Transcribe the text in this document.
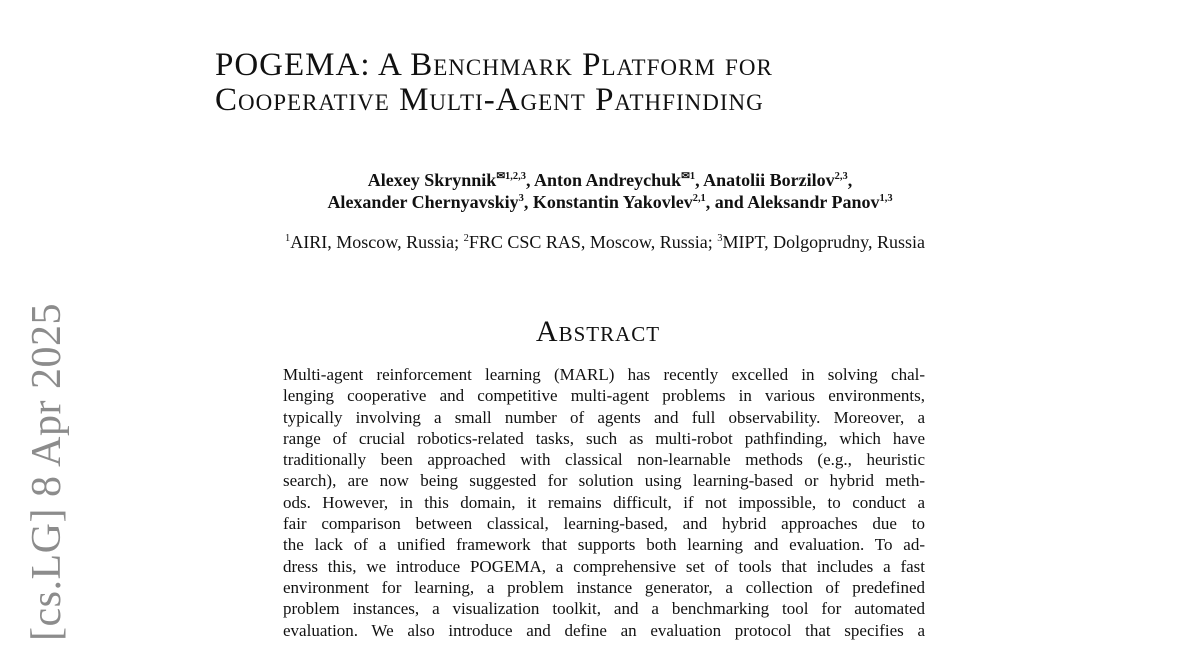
[cs.LG] 8 Apr 2025
POGEMA: A Benchmark Platform for
Cooperative Multi-Agent Pathfinding
Alexey Skrynnik$^{✉1,2,3}$, Anton Andreychuk$^{✉1}$, Anatolii Borzilov$^{2,3}$,
Alexander Chernyavskiy$^3$, Konstantin Yakovlev$^{2,1}$, and Aleksandr Panov$^{1,3}$
$^1$AIRI, Moscow, Russia; $^2$FRC CSC RAS, Moscow, Russia; $^3$MIPT, Dolgoprudny, Russia
Abstract
Multi-agent reinforcement learning (MARL) has recently excelled in solving chal-
lenging cooperative and competitive multi-agent problems in various environments,
typically involving a small number of agents and full observability. Moreover, a
range of crucial robotics-related tasks, such as multi-robot pathfinding, which have
traditionally been approached with classical non-learnable methods (e.g., heuristic
search), are now being suggested for solution using learning-based or hybrid meth-
ods. However, in this domain, it remains difficult, if not impossible, to conduct a
fair comparison between classical, learning-based, and hybrid approaches due to
the lack of a unified framework that supports both learning and evaluation. To ad-
dress this, we introduce POGEMA, a comprehensive set of tools that includes a fast
environment for learning, a problem instance generator, a collection of predefined
problem instances, a visualization toolkit, and a benchmarking tool for automated
evaluation. We also introduce and define an evaluation protocol that specifies a
